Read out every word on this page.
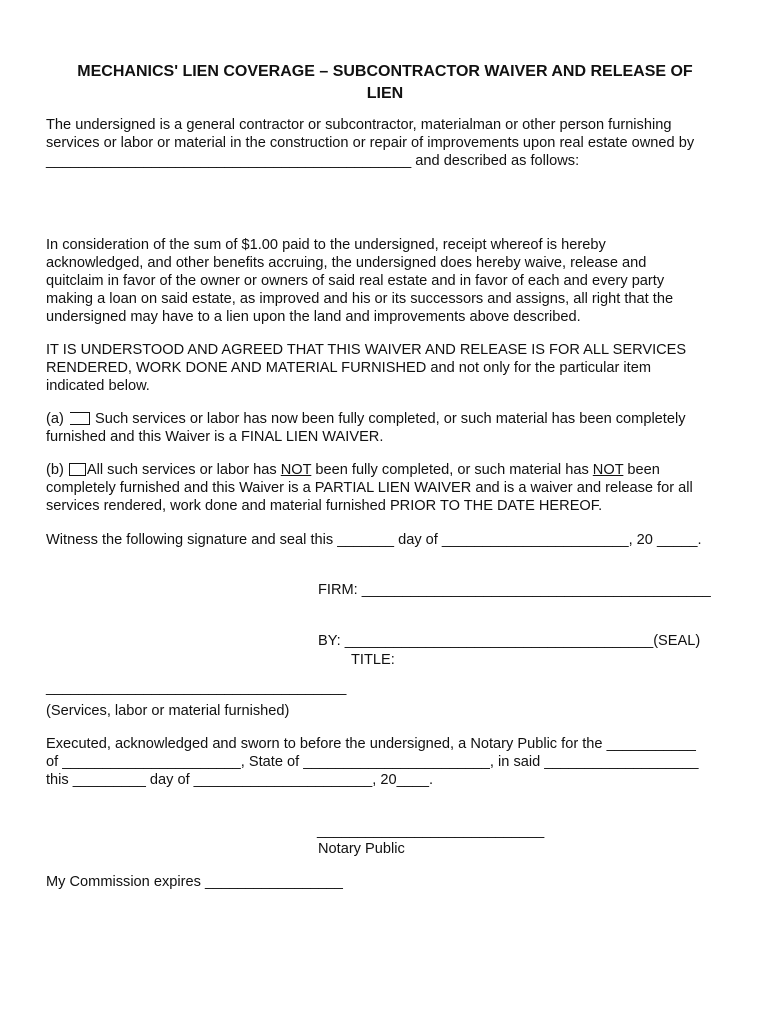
MECHANICS' LIEN COVERAGE – SUBCONTRACTOR WAIVER AND RELEASE OF
LIEN
The undersigned is a general contractor or subcontractor, materialman or other person furnishing
services or labor or material in the construction or repair of improvements upon real estate owned by
_____________________________________________ and described as follows:
In consideration of the sum of $1.00 paid to the undersigned, receipt whereof is hereby
acknowledged, and other benefits accruing, the undersigned does hereby waive, release and
quitclaim in favor of the owner or owners of said real estate and in favor of each and every party
making a loan on said estate, as improved and his or its successors and assigns, all right that the
undersigned may have to a lien upon the land and improvements above described.
IT IS UNDERSTOOD AND AGREED THAT THIS WAIVER AND RELEASE IS FOR ALL SERVICES
RENDERED, WORK DONE AND MATERIAL FURNISHED and not only for the particular item
indicated below.
(a) Such services or labor has now been fully completed, or such material has been completely
furnished and this Waiver is a FINAL LIEN WAIVER.
(b) All such services or labor has NOT been fully completed, or such material has NOT been
completely furnished and this Waiver is a PARTIAL LIEN WAIVER and is a waiver and release for all
services rendered, work done and material furnished PRIOR TO THE DATE HEREOF.
Witness the following signature and seal this _______ day of _______________________, 20 _____.
FIRM: ___________________________________________
BY: ______________________________________(SEAL)
TITLE:
_____________________________________
(Services, labor or material furnished)
Executed, acknowledged and sworn to before the undersigned, a Notary Public for the ___________
of ______________________, State of _______________________, in said ___________________
this _________ day of ______________________, 20____.
____________________________
Notary Public
My Commission expires _________________
